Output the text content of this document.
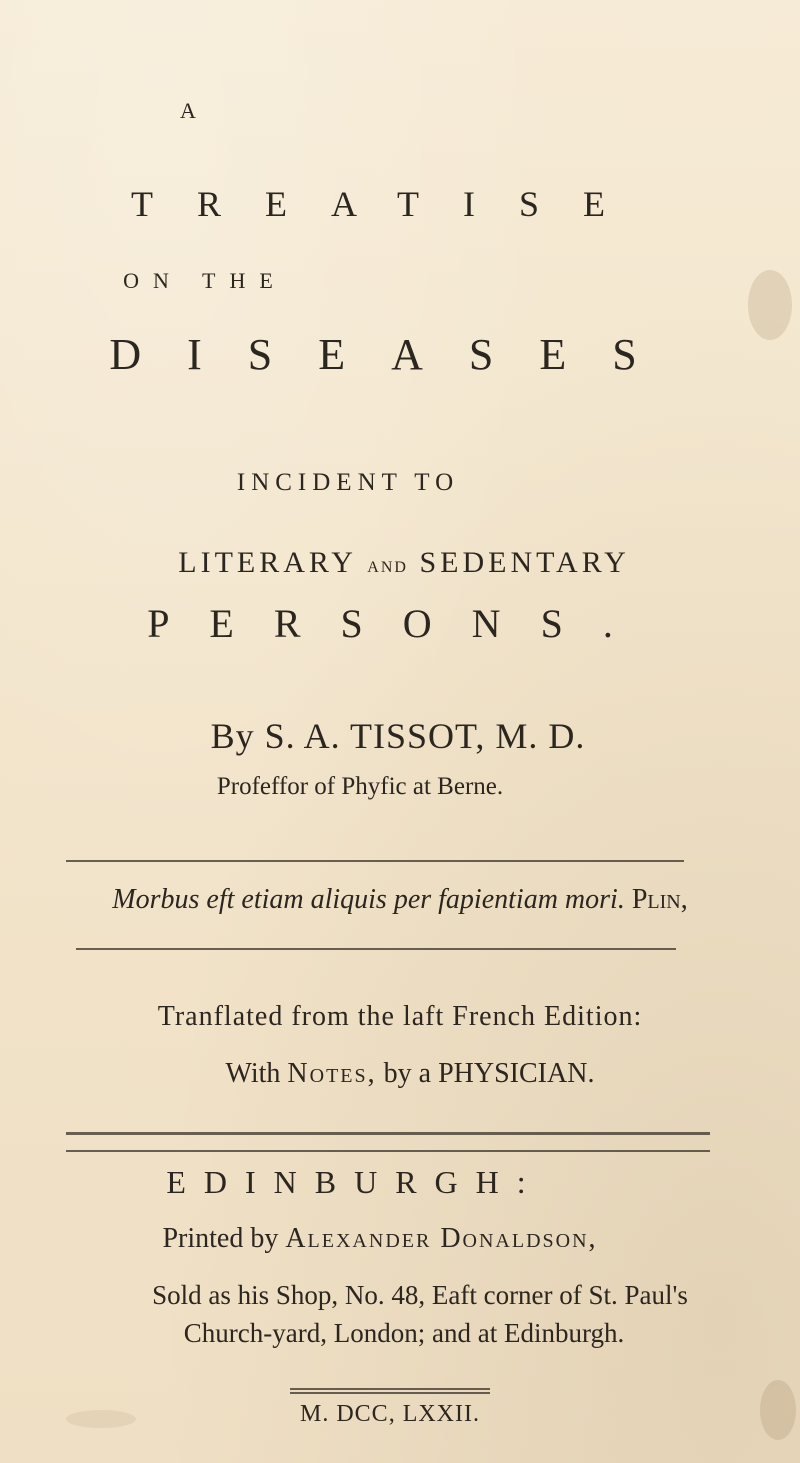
A
TREATISE
ON THE
DISEASES
INCIDENT TO
LITERARY AND SEDENTARY
PERSONS.
By S. A. TISSOT, M. D.
Profeffor of Phyfic at Berne.
Morbus eft etiam aliquis per fapientiam mori. Plin,
Tranflated from the laft French Edition:
With Notes, by a PHYSICIAN.
EDINBURGH:
Printed by Alexander Donaldson,
Sold as his Shop, No. 48, Eaft corner of St. Paul's
Church-yard, London; and at Edinburgh.
M. DCC, LXXII.
